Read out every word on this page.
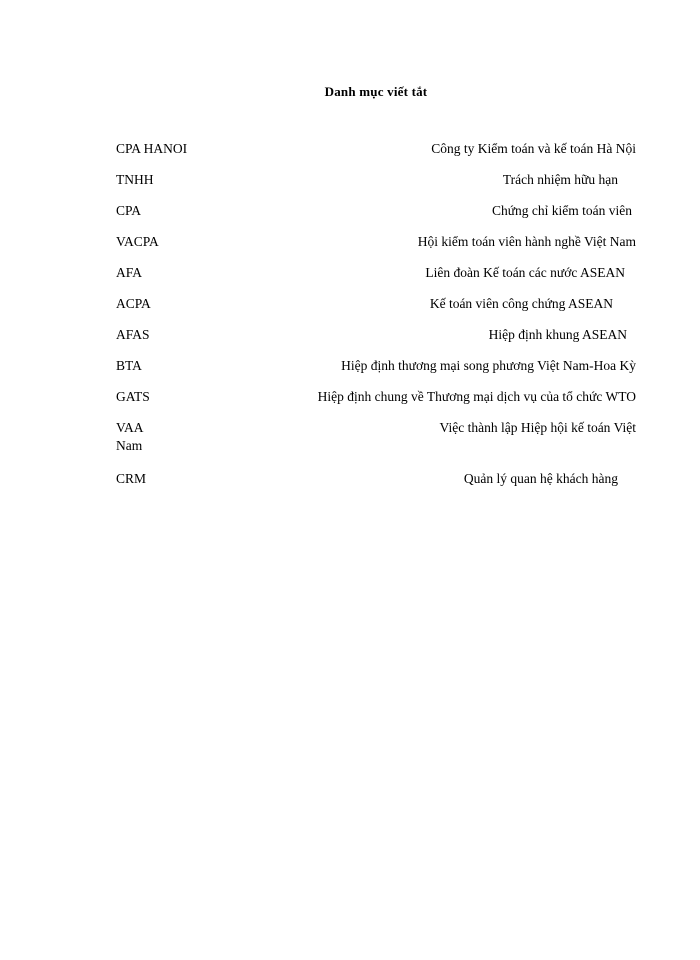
Danh mục viết tắt
CPA HANOI	Công ty Kiểm toán và kế toán Hà Nội
TNHH	Trách nhiệm hữu hạn
CPA	Chứng chỉ kiểm toán viên
VACPA	Hội kiểm toán viên hành nghề Việt Nam
AFA	Liên đoàn Kế toán các nước ASEAN
ACPA	Kế toán viên công chứng ASEAN
AFAS	Hiệp định khung ASEAN
BTA	Hiệp định thương mại song phương Việt Nam-Hoa Kỳ
GATS	Hiệp định chung về Thương mại dịch vụ của tổ chức WTO
VAA	Việc thành lập Hiệp hội kế toán Việt
Nam
CRM	Quản lý quan hệ khách hàng
